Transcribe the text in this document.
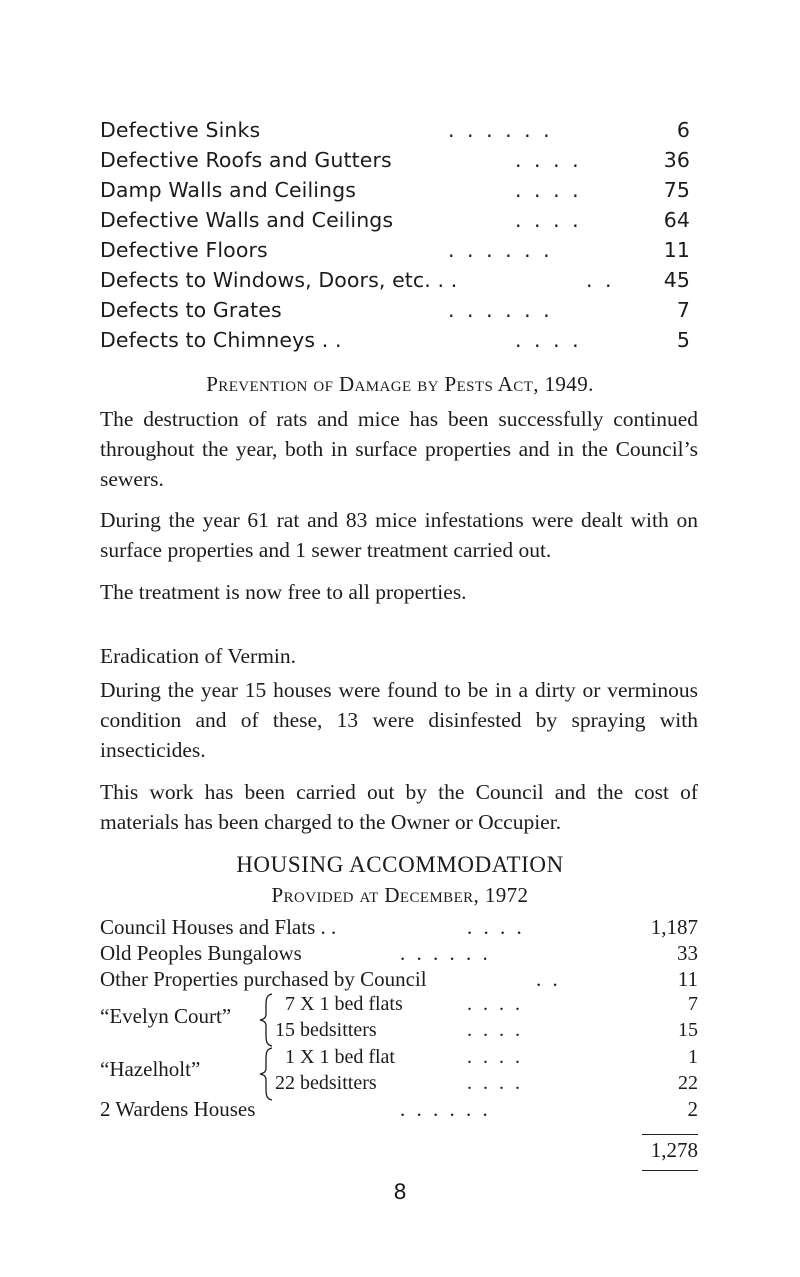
Defective Sinks	. . . . . .	6
Defective Roofs and Gutters	. . . .	36
Damp Walls and Ceilings	. . . .	75
Defective Walls and Ceilings	. . . .	64
Defective Floors	. . . . . .	11
Defects to Windows, Doors, etc. . .	. . 45
Defects to Grates	. . . . . .	7
Defects to Chimneys . .	. . . .	5
Prevention of Damage by Pests Act, 1949.
The destruction of rats and mice has been successfully continued throughout the year, both in surface properties and in the Council’s sewers.
During the year 61 rat and 83 mice infestations were dealt with on surface properties and 1 sewer treatment carried out.
The treatment is now free to all properties.
Eradication of Vermin.
During the year 15 houses were found to be in a dirty or verminous condition and of these, 13 were disinfested by spraying with insecticides.
This work has been carried out by the Council and the cost of materials has been charged to the Owner or Occupier.
HOUSING ACCOMMODATION
Provided at December, 1972
Council Houses and Flats . .	. . . .	1,187
Old Peoples Bungalows	. . . . . .	33
Other Properties purchased by Council	. .	11
“Evelyn Court”	7 X 1 bed flats	. . . .	7
15 bedsitters	. . . .	15
“Hazelholt”	1 X 1 bed flat	. . . .	1
22 bedsitters	. . . .	22
2 Wardens Houses	. . . . . .	2
1,278
8
